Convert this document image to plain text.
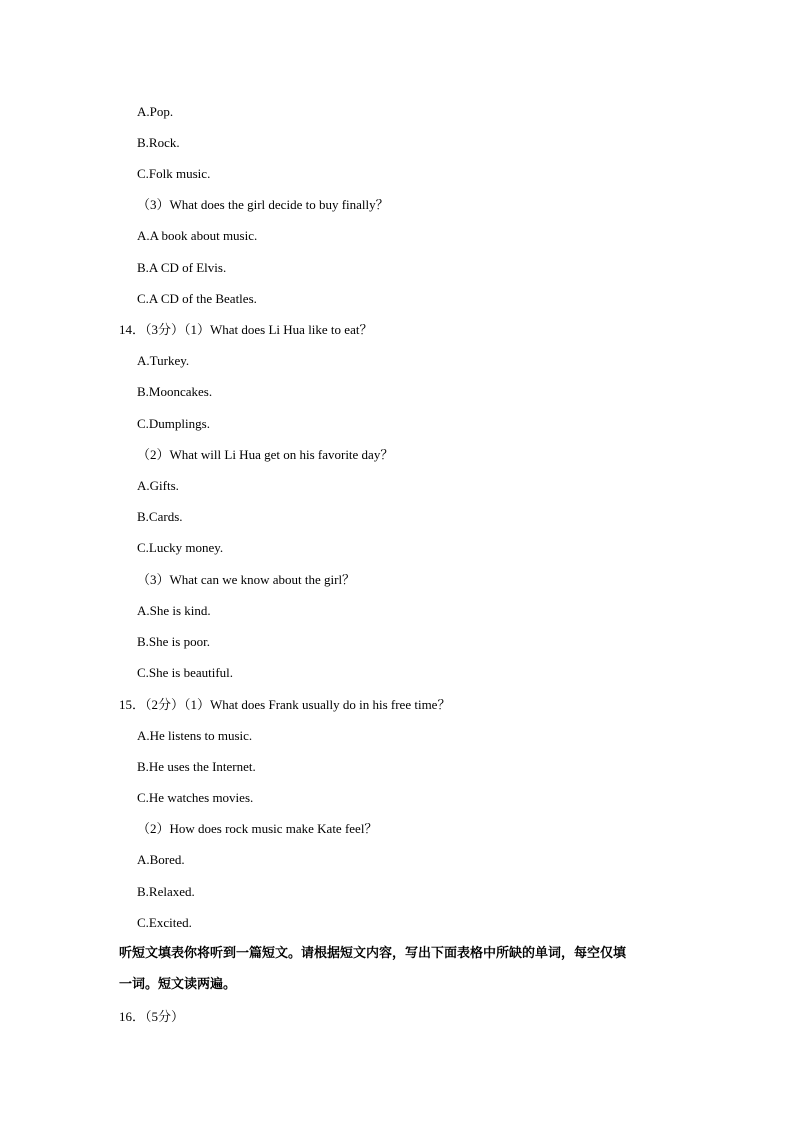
A.Pop.
B.Rock.
C.Folk music.
（3）What does the girl decide to buy finally？
A.A book about music.
B.A CD of Elvis.
C.A CD of the Beatles.
14．（3分）（1）What does Li Hua like to eat？
A.Turkey.
B.Mooncakes.
C.Dumplings.
（2）What will Li Hua get on his favorite day？
A.Gifts.
B.Cards.
C.Lucky money.
（3）What can we know about the girl？
A.She is kind.
B.She is poor.
C.She is beautiful.
15．（2分）（1）What does Frank usually do in his free time？
A.He listens to music.
B.He uses the Internet.
C.He watches movies.
（2）How does rock music make Kate feel？
A.Bored.
B.Relaxed.
C.Excited.
听短文填表你将听到一篇短文。请根据短文内容，写出下面表格中所缺的单词，每空仅填
一词。短文读两遍。
16．（5分）
